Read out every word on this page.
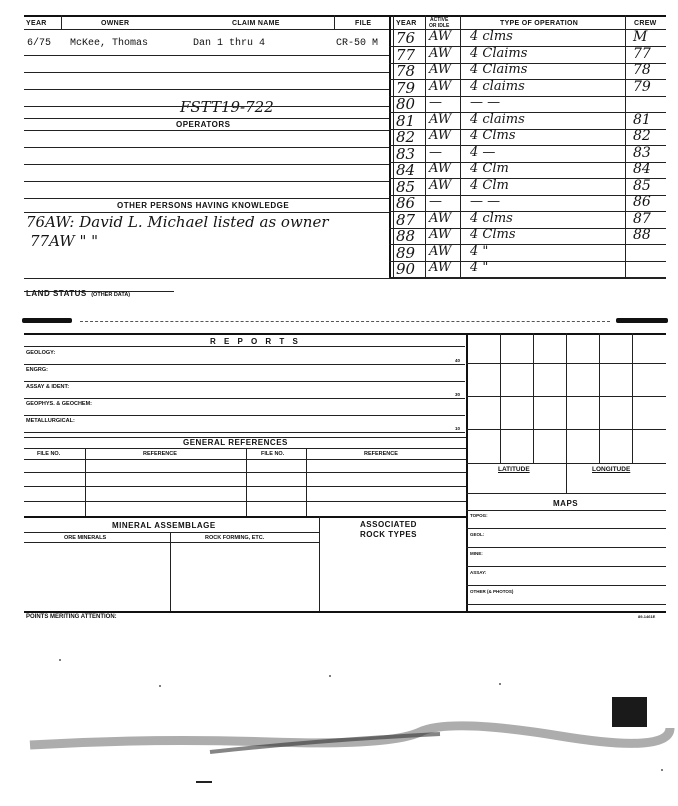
YEAR	OWNER	CLAIM NAME	FILE	YEAR	ACTIVE
OR IDLE	TYPE OF OPERATION	CREW
6/75 McKee, Thomas	Dan 1 thru 4	CR-50 M
FSTT19-722
OPERATORS
OTHER PERSONS HAVING KNOWLEDGE
76AW: David L. Michael listed as owner
77AW " "
76 AW 4 clms	M
77 AW 4 Claims	77
78 AW 4 Claims	78
79 AW 4 claims	79
80 — — —
81 AW 4 claims	81
82 AW 4 Clms	82
83 — 4 —	83
84 AW 4 Clm	84
85 AW 4 Clm	85
86 — — —	86
87 AW 4 clms	87
88 AW 4 Clms	88
89 AW 4 "
90 AW 4 "
LAND STATUS (OTHER DATA)
R E P O R T S
GEOLOGY:
40
ENGRG:
ASSAY & IDENT:
30
GEOPHYS. & GEOCHEM:
METALLURGICAL:
10
LATITUDE	LONGITUDE
MAPS
TOPOG:
GEOL:
MINE:
ASSAY:
OTHER (& PHOTOS)
GENERAL REFERENCES
FILE NO.	REFERENCE	FILE NO.	REFERENCE
MINERAL ASSEMBLAGE	ASSOCIATED
ROCK TYPES
ORE MINERALS	ROCK FORMING, ETC.
POINTS MERITING ATTENTION:	89-1461E
